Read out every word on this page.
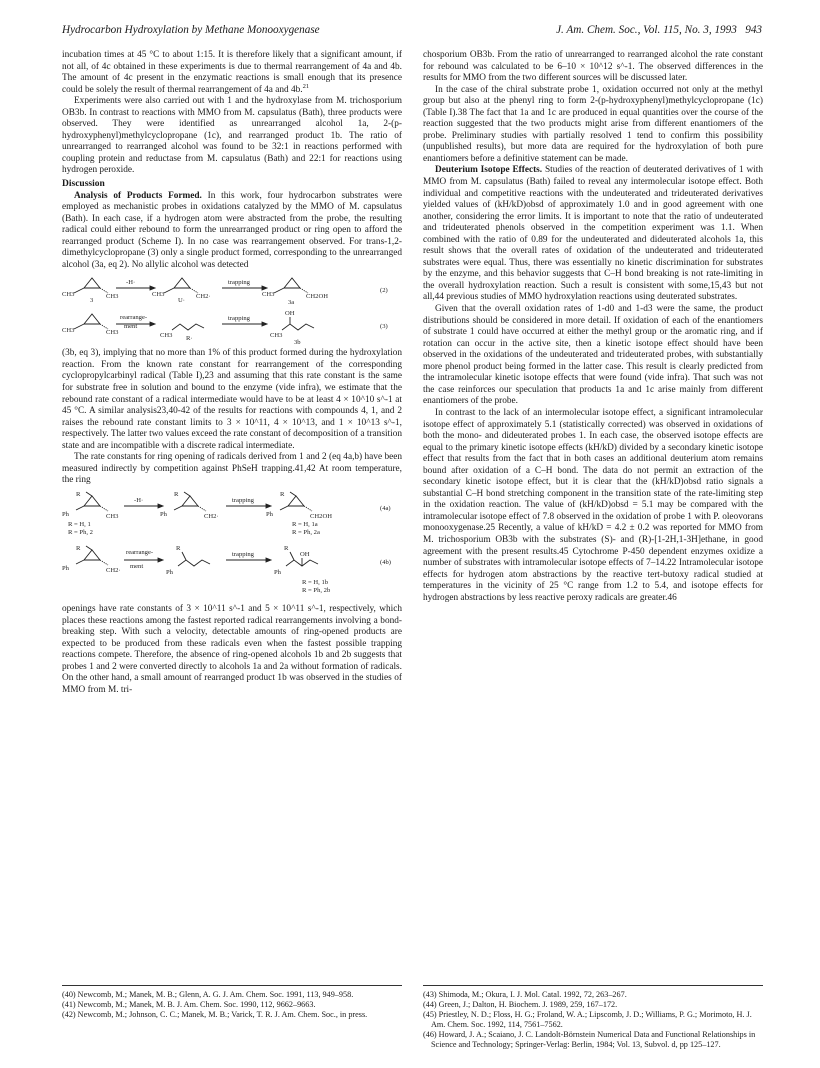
Hydrocarbon Hydroxylation by Methane Monooxygenase	J. Am. Chem. Soc., Vol. 115, No. 3, 1993 943

incubation times at 45 °C to about 1:15. It is therefore likely that a significant amount, if not all, of 4c obtained in these experiments is due to thermal rearrangement of 4a and 4b. The amount of 4c present in the enzymatic reactions is small enough that its presence could be solely the result of thermal rearrangement of 4a and 4b.$^{21}$

Experiments were also carried out with 1 and the hydroxylase from M. trichosporium OB3b. In contrast to reactions with MMO from M. capsulatus (Bath), three products were observed. They were identified as unrearranged alcohol 1a, 2-(p-hydroxyphenyl)methylcyclopropane (1c), and rearranged product 1b. The ratio of unrearranged to rearranged alcohol was found to be 32:1 in reactions performed with coupling protein and reductase from M. capsulatus (Bath) and 22:1 for reactions using hydrogen peroxide.

Discussion

Analysis of Products Formed. In this work, four hydrocarbon substrates were employed as mechanistic probes in oxidations catalyzed by the MMO of M. capsulatus (Bath). In each case, if a hydrogen atom were abstracted from the probe, the resulting radical could either rebound to form the unrearranged product or ring open to afford the rearranged product (Scheme I). In no case was rearrangement observed. For trans-1,2-dimethylcyclopropane (3) only a single product formed, corresponding to the unrearranged alcohol (3a, eq 2). No allylic alcohol was detected

CH3	CH3
3
-H·
CH3	CH2·
U·
trapping
CH3	CH2OH
3a
(2)
CH3	CH3
rearrange-
ment
CH3 R·
trapping
CH3
OH
3b
(3)

(3b, eq 3), implying that no more than 1% of this product formed during the hydroxylation reaction. From the known rate constant for rearrangement of the corresponding cyclopropylcarbinyl radical (Table I),23 and assuming that this rate constant is the same for substrate free in solution and bound to the enzyme (vide infra), we estimate that the rebound rate constant of a radical intermediate would have to be at least 4 × 10^10 s^-1 at 45 °C. A similar analysis23,40-42 of the results for reactions with compounds 4, 1, and 2 raises the rebound rate constant limits to 3 × 10^11, 4 × 10^13, and 1 × 10^13 s^-1, respectively. The latter two values exceed the rate constant of decomposition of a transition state and are incompatible with a discrete radical intermediate.

The rate constants for ring opening of radicals derived from 1 and 2 (eq 4a,b) have been measured indirectly by competition against PhSeH trapping.41,42 At room temperature, the ring

R
Ph	CH3
R = H, 1
R = Ph, 2
-H·
R
Ph	CH2·
trapping
R
Ph	CH2OH
R = H, 1a
R = Ph, 2a
(4a)
R
Ph	CH2·
rearrange-
ment
R
Ph
trapping
R
OH
Ph
R = H, 1b
R = Ph, 2b
(4b)

openings have rate constants of 3 × 10^11 s^-1 and 5 × 10^11 s^-1, respectively, which places these reactions among the fastest reported radical rearrangements involving a bond-breaking step. With such a velocity, detectable amounts of ring-opened products are expected to be produced from these radicals even when the fastest possible trapping reactions compete. Therefore, the absence of ring-opened alcohols 1b and 2b suggests that probes 1 and 2 were converted directly to alcohols 1a and 2a without formation of radicals. On the other hand, a small amount of rearranged product 1b was observed in the studies of MMO from M. tri-

chosporium OB3b. From the ratio of unrearranged to rearranged alcohol the rate constant for rebound was calculated to be 6–10 × 10^12 s^-1. The observed differences in the results for MMO from the two different sources will be discussed later.

In the case of the chiral substrate probe 1, oxidation occurred not only at the methyl group but also at the phenyl ring to form 2-(p-hydroxyphenyl)methylcyclopropane (1c) (Table I).38 The fact that 1a and 1c are produced in equal quantities over the course of the reaction suggested that the two products might arise from different enantiomers of the probe. Preliminary studies with partially resolved 1 tend to confirm this possibility (unpublished results), but more data are required for the hydroxylation of both pure enantiomers before a definitive statement can be made.

Deuterium Isotope Effects. Studies of the reaction of deuterated derivatives of 1 with MMO from M. capsulatus (Bath) failed to reveal any intermolecular isotope effect. Both individual and competitive reactions with the undeuterated and trideuterated derivatives yielded values of (kH/kD)obsd of approximately 1.0 and in good agreement with one another, considering the error limits. It is important to note that the ratio of undeuterated and trideuterated phenols observed in the competition experiment was 1.1. When combined with the ratio of 0.89 for the undeuterated and dideuterated alcohols 1a, this result shows that the overall rates of oxidation of the undeuterated and trideuterated substrates were equal. Thus, there was essentially no kinetic discrimination for substrates by the enzyme, and this behavior suggests that C–H bond breaking is not rate-limiting in the overall hydroxylation reaction. Such a result is consistent with some,15,43 but not all,44 previous studies of MMO hydroxylation reactions using deuterated substrates.

Given that the overall oxidation rates of 1-d0 and 1-d3 were the same, the product distributions should be considered in more detail. If oxidation of each of the enantiomers of substrate 1 could have occurred at either the methyl group or the aromatic ring, and if rotation can occur in the active site, then a kinetic isotope effect should have been observed in the oxidations of the undeuterated and trideuterated probes, with substantially more phenol product being formed in the latter case. This result is clearly predicted from the intramolecular kinetic isotope effects that were found (vide infra). That such was not the case reinforces our speculation that products 1a and 1c arise mainly from different enantiomers of the probe.

In contrast to the lack of an intermolecular isotope effect, a significant intramolecular isotope effect of approximately 5.1 (statistically corrected) was observed in oxidations of both the mono- and dideuterated probes 1. In each case, the observed isotope effects are equal to the primary kinetic isotope effects (kH/kD) divided by a secondary kinetic isotope effect that results from the fact that in both cases an additional deuterium atom remains bound after oxidation of a C–H bond. The data do not permit an extraction of the secondary kinetic isotope effect, but it is clear that the (kH/kD)obsd ratio signals a substantial C–H bond stretching component in the transition state of the rate-limiting step in the oxidation reaction. The value of (kH/kD)obsd = 5.1 may be compared with the intramolecular isotope effect of 7.8 observed in the oxidation of probe 1 with P. oleovorans monooxygenase.25 Recently, a value of kH/kD = 4.2 ± 0.2 was reported for MMO from M. trichosporium OB3b with the substrates (S)- and (R)-[1-2H,1-3H]ethane, in good agreement with the present results.45 Cytochrome P-450 dependent enzymes oxidize a number of substrates with intramolecular isotope effects of 7–14.22 Intramolecular isotope effects for hydrogen atom abstractions by the reactive tert-butoxy radical studied at temperatures in the vicinity of 25 °C range from 1.2 to 5.4, and isotope effects for hydrogen abstractions by less reactive peroxy radicals are greater.46

(40) Newcomb, M.; Manek, M. B.; Glenn, A. G. J. Am. Chem. Soc. 1991, 113, 949–958.
(41) Newcomb, M.; Manek, M. B. J. Am. Chem. Soc. 1990, 112, 9662–9663.
(42) Newcomb, M.; Johnson, C. C.; Manek, M. B.; Varick, T. R. J. Am. Chem. Soc., in press.
(43) Shimoda, M.; Okura, I. J. Mol. Catal. 1992, 72, 263–267.
(44) Green, J.; Dalton, H. Biochem. J. 1989, 259, 167–172.
(45) Priestley, N. D.; Floss, H. G.; Froland, W. A.; Lipscomb, J. D.; Williams, P. G.; Morimoto, H. J. Am. Chem. Soc. 1992, 114, 7561–7562.
(46) Howard, J. A.; Scaiano, J. C. Landolt-Börnstein Numerical Data and Functional Relationships in Science and Technology; Springer-Verlag: Berlin, 1984; Vol. 13, Subvol. d, pp 125–127.
